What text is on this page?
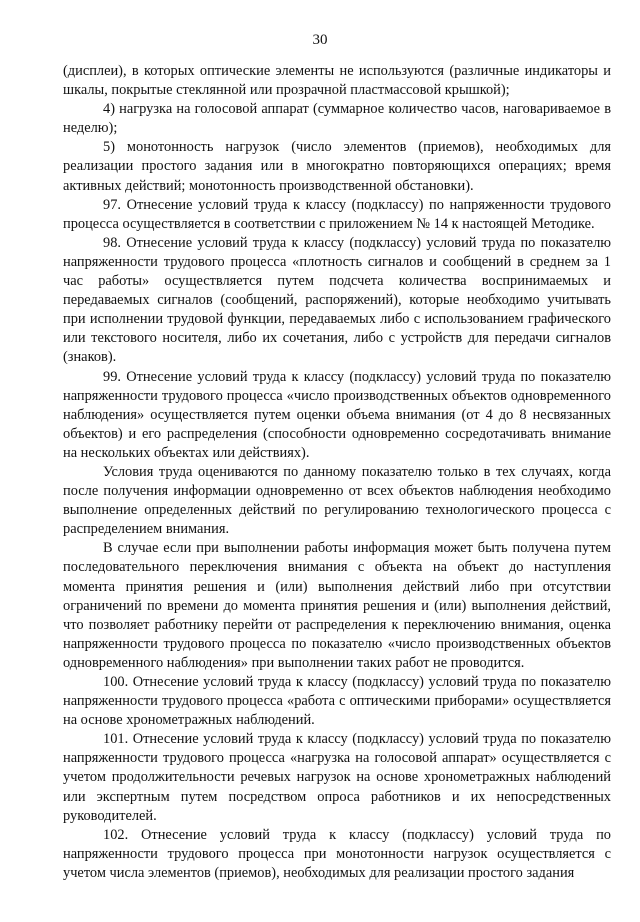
30

(дисплеи), в которых оптические элементы не используются (различные индикаторы и шкалы, покрытые стеклянной или прозрачной пластмассовой крышкой);

4) нагрузка на голосовой аппарат (суммарное количество часов, наговариваемое в неделю);

5) монотонность нагрузок (число элементов (приемов), необходимых для реализации простого задания или в многократно повторяющихся операциях; время активных действий; монотонность производственной обстановки).

97. Отнесение условий труда к классу (подклассу) по напряженности трудового процесса осуществляется в соответствии с приложением № 14 к настоящей Методике.

98. Отнесение условий труда к классу (подклассу) условий труда по показателю напряженности трудового процесса «плотность сигналов и сообщений в среднем за 1 час работы» осуществляется путем подсчета количества воспринимаемых и передаваемых сигналов (сообщений, распоряжений), которые необходимо учитывать при исполнении трудовой функции, передаваемых либо с использованием графического или текстового носителя, либо их сочетания, либо с устройств для передачи сигналов (знаков).

99. Отнесение условий труда к классу (подклассу) условий труда по показателю напряженности трудового процесса «число производственных объектов одновременного наблюдения» осуществляется путем оценки объема внимания (от 4 до 8 несвязанных объектов) и его распределения (способности одновременно сосредотачивать внимание на нескольких объектах или действиях).

Условия труда оцениваются по данному показателю только в тех случаях, когда после получения информации одновременно от всех объектов наблюдения необходимо выполнение определенных действий по регулированию технологического процесса с распределением внимания.

В случае если при выполнении работы информация может быть получена путем последовательного переключения внимания с объекта на объект до наступления момента принятия решения и (или) выполнения действий либо при отсутствии ограничений по времени до момента принятия решения и (или) выполнения действий, что позволяет работнику перейти от распределения к переключению внимания, оценка напряженности трудового процесса по показателю «число производственных объектов одновременного наблюдения» при выполнении таких работ не проводится.

100. Отнесение условий труда к классу (подклассу) условий труда по показателю напряженности трудового процесса «работа с оптическими приборами» осуществляется на основе хронометражных наблюдений.

101. Отнесение условий труда к классу (подклассу) условий труда по показателю напряженности трудового процесса «нагрузка на голосовой аппарат» осуществляется с учетом продолжительности речевых нагрузок на основе хронометражных наблюдений или экспертным путем посредством опроса работников и их непосредственных руководителей.

102. Отнесение условий труда к классу (подклассу) условий труда по напряженности трудового процесса при монотонности нагрузок осуществляется с учетом числа элементов (приемов), необходимых для реализации простого задания
